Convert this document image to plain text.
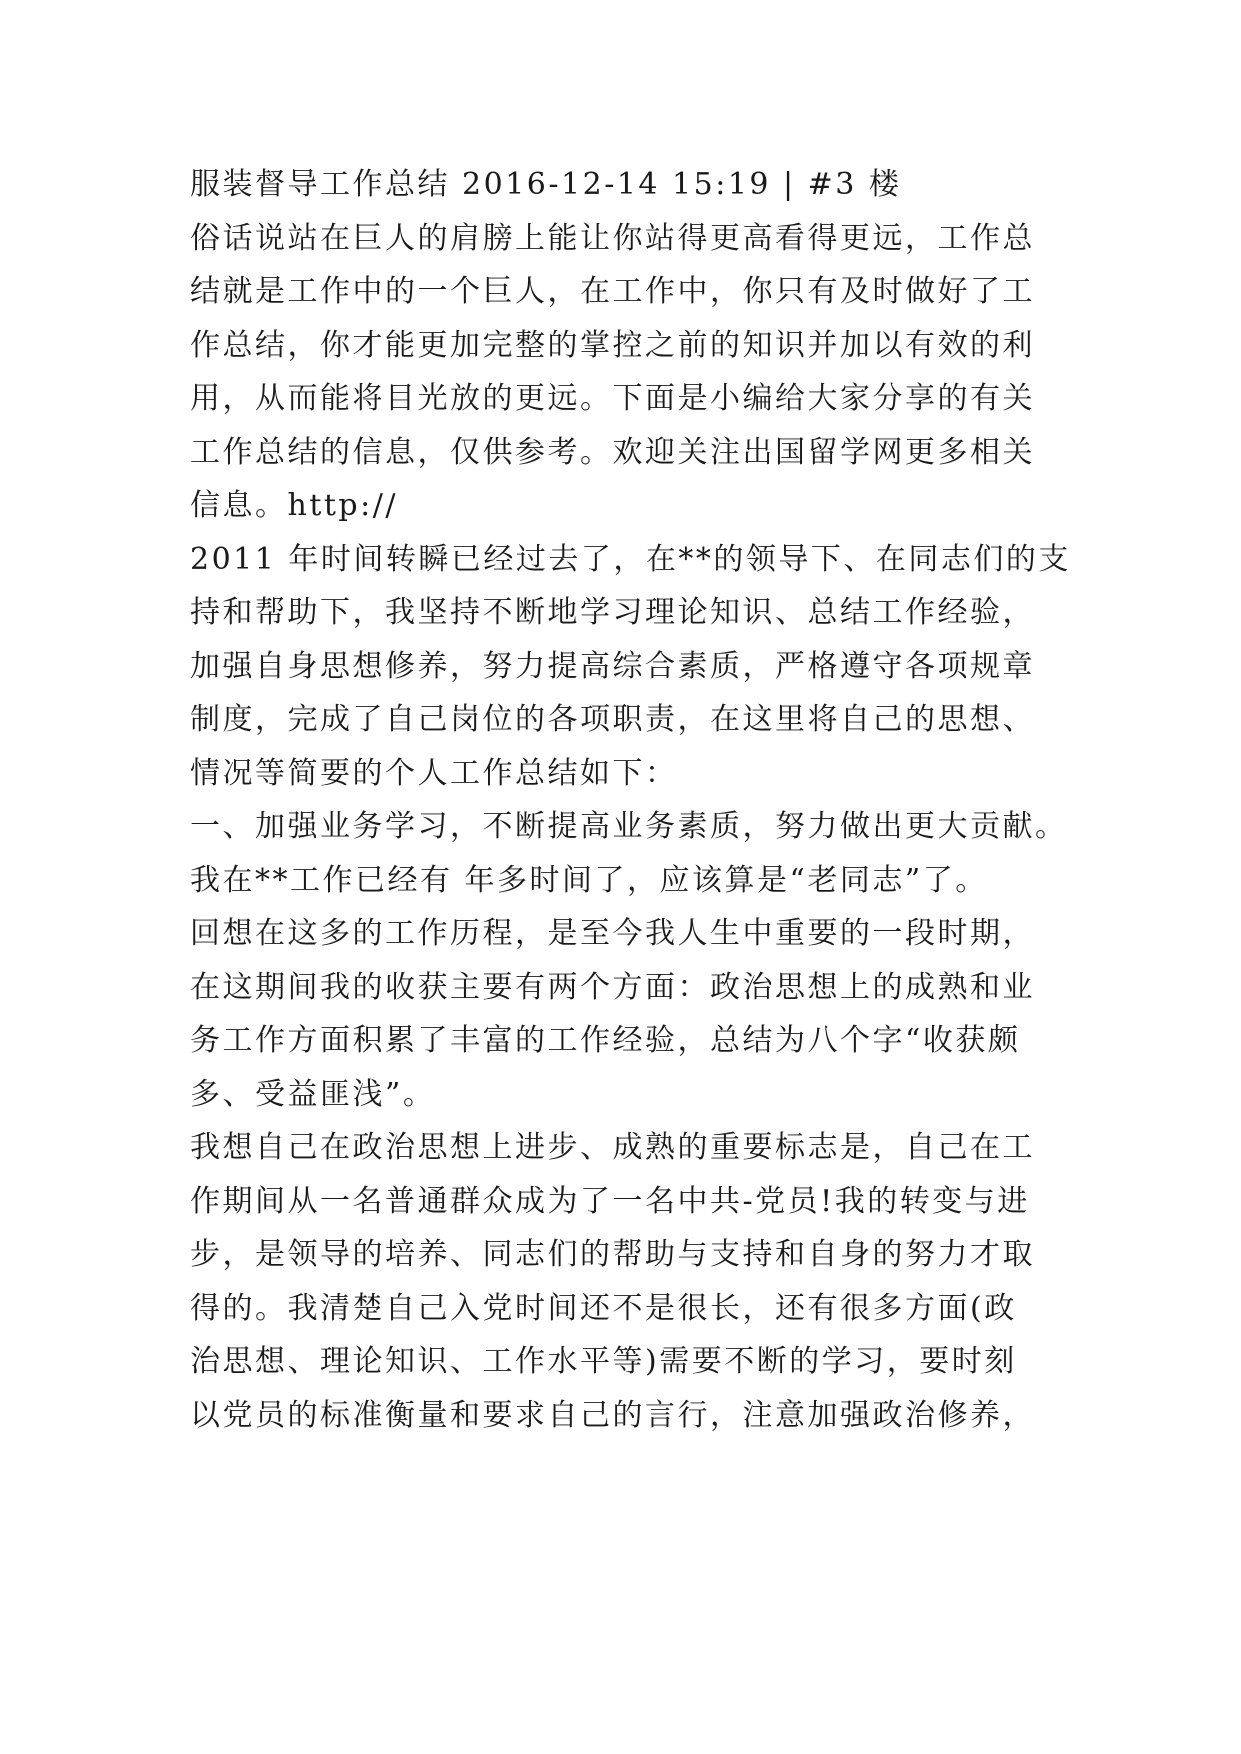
服装督导工作总结 2016-12-14 15:19 | #3 楼
俗话说站在巨人的肩膀上能让你站得更高看得更远，工作总
结就是工作中的一个巨人，在工作中，你只有及时做好了工
作总结，你才能更加完整的掌控之前的知识并加以有效的利
用，从而能将目光放的更远。下面是小编给大家分享的有关
工作总结的信息，仅供参考。欢迎关注出国留学网更多相关
信息。http://
2011 年时间转瞬已经过去了，在**的领导下、在同志们的支
持和帮助下，我坚持不断地学习理论知识、总结工作经验，
加强自身思想修养，努力提高综合素质，严格遵守各项规章
制度，完成了自己岗位的各项职责，在这里将自己的思想、
情况等简要的个人工作总结如下：
一、加强业务学习，不断提高业务素质，努力做出更大贡献。
我在**工作已经有 年多时间了，应该算是“老同志”了。
回想在这多的工作历程，是至今我人生中重要的一段时期，
在这期间我的收获主要有两个方面：政治思想上的成熟和业
务工作方面积累了丰富的工作经验，总结为八个字“收获颇
多、受益匪浅”。
我想自己在政治思想上进步、成熟的重要标志是，自己在工
作期间从一名普通群众成为了一名中共-党员!我的转变与进
步，是领导的培养、同志们的帮助与支持和自身的努力才取
得的。我清楚自己入党时间还不是很长，还有很多方面(政
治思想、理论知识、工作水平等)需要不断的学习，要时刻
以党员的标准衡量和要求自己的言行，注意加强政治修养，
